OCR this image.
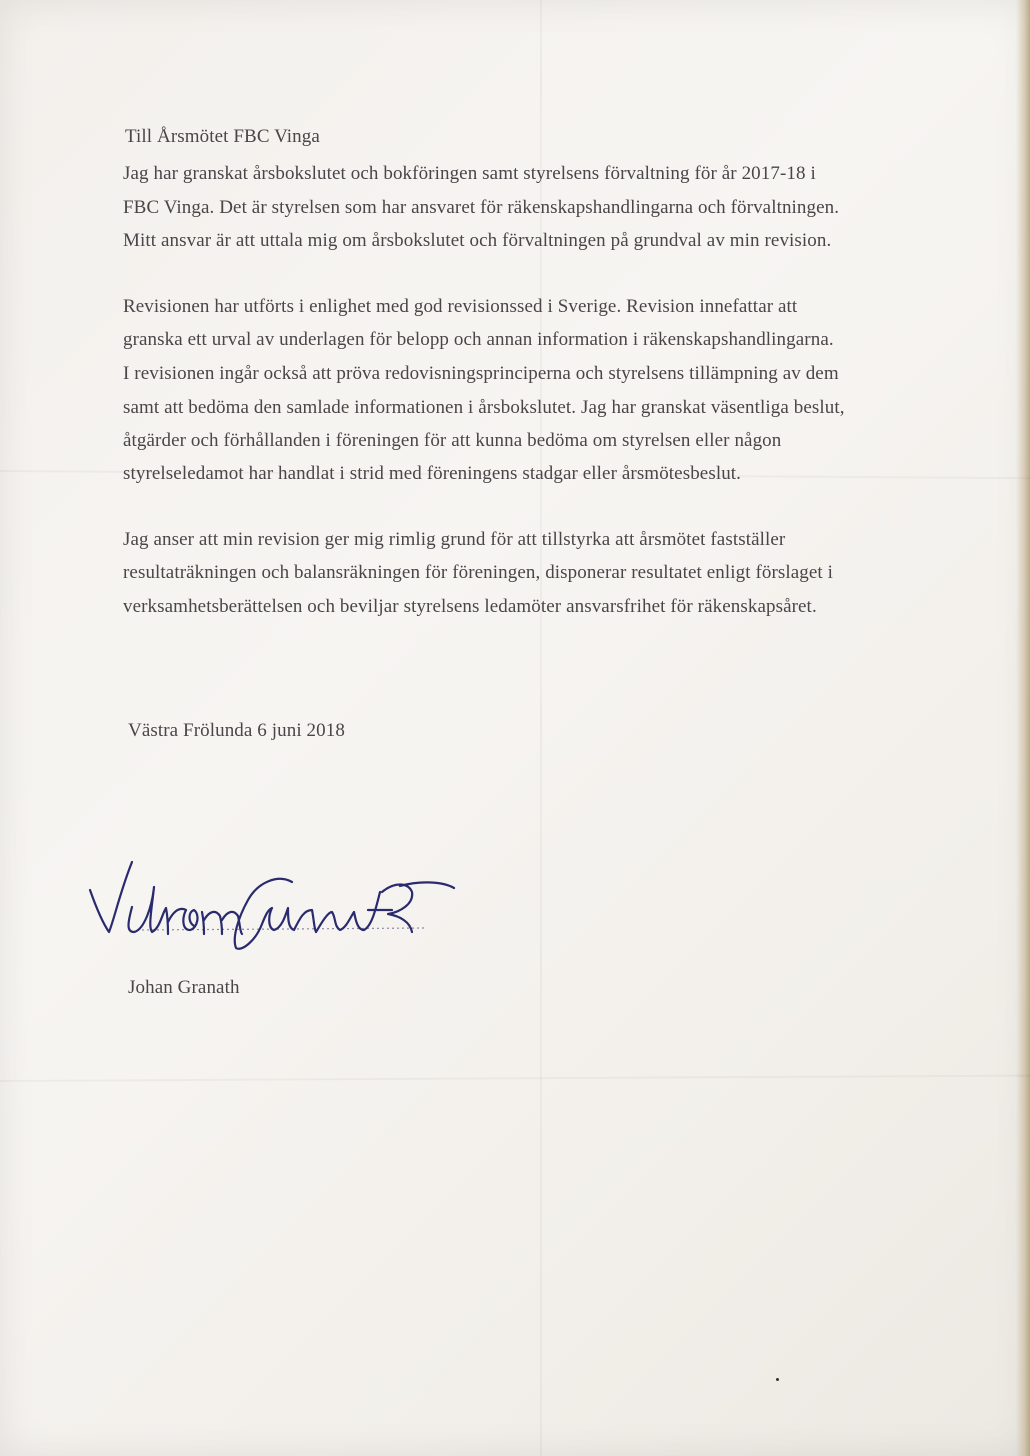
Till Årsmötet FBC Vinga
Jag har granskat årsbokslutet och bokföringen samt styrelsens förvaltning för år 2017-18 i
FBC Vinga. Det är styrelsen som har ansvaret för räkenskapshandlingarna och förvaltningen.
Mitt ansvar är att uttala mig om årsbokslutet och förvaltningen på grundval av min revision.
Revisionen har utförts i enlighet med god revisionssed i Sverige. Revision innefattar att
granska ett urval av underlagen för belopp och annan information i räkenskapshandlingarna.
I revisionen ingår också att pröva redovisningsprinciperna och styrelsens tillämpning av dem
samt att bedöma den samlade informationen i årsbokslutet. Jag har granskat väsentliga beslut,
åtgärder och förhållanden i föreningen för att kunna bedöma om styrelsen eller någon
styrelseledamot har handlat i strid med föreningens stadgar eller årsmötesbeslut.
Jag anser att min revision ger mig rimlig grund för att tillstyrka att årsmötet fastställer
resultaträkningen och balansräkningen för föreningen, disponerar resultatet enligt förslaget i
verksamhetsberättelsen och beviljar styrelsens ledamöter ansvarsfrihet för räkenskapsåret.
Västra Frölunda 6 juni 2018
Johan Granath
